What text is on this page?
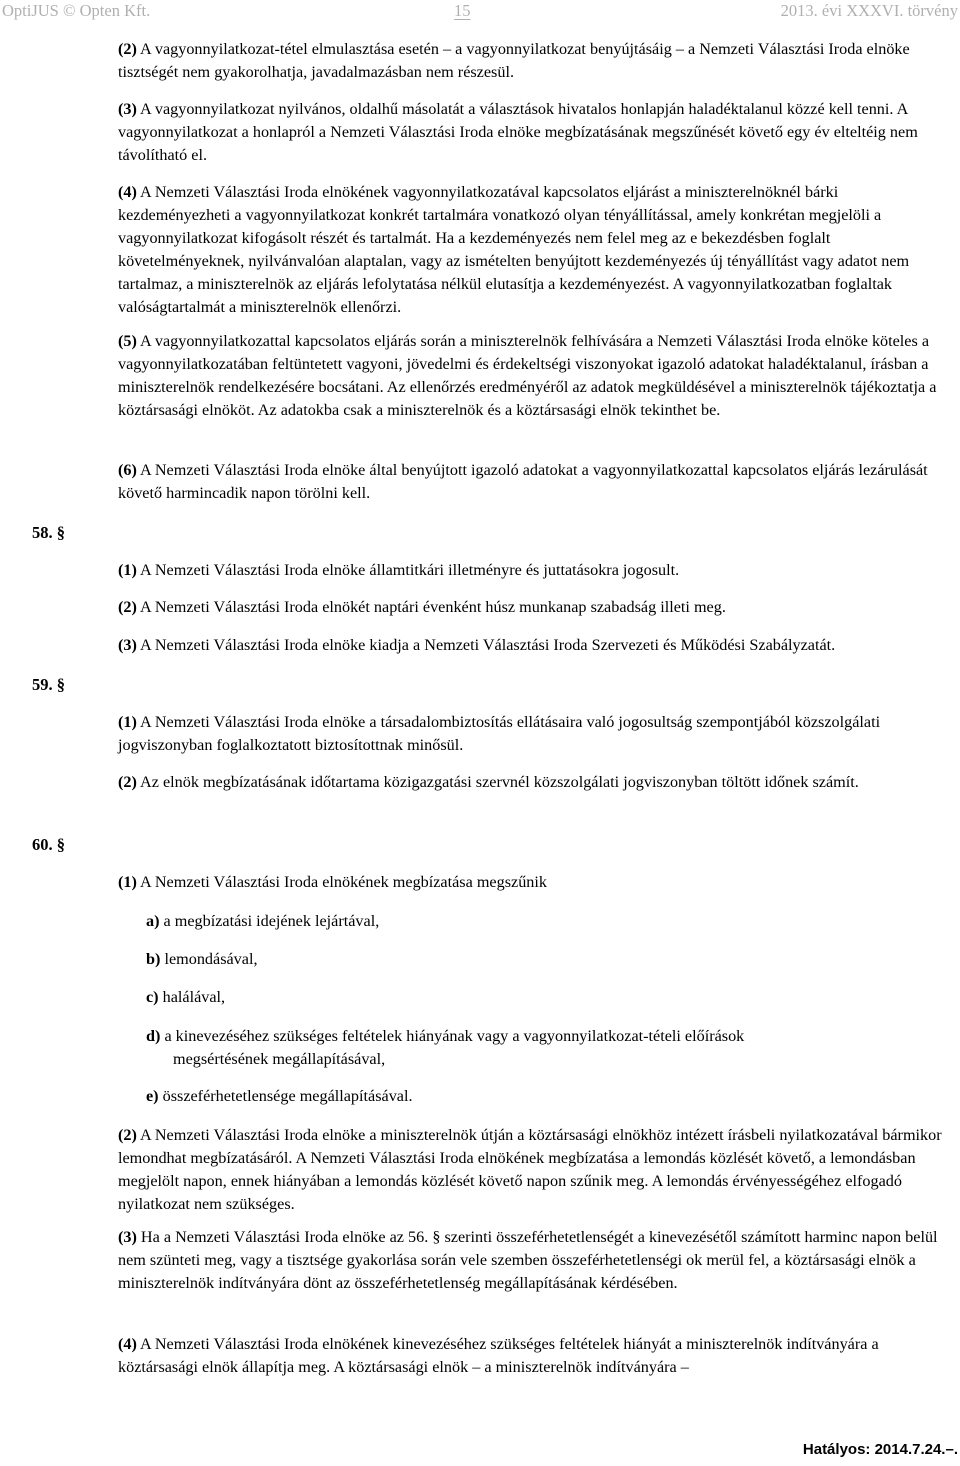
OptiJUS © Opten Kft.	15	2013. évi XXXVI. törvény

(2) A vagyonnyilatkozat-tétel elmulasztása esetén – a vagyonnyilatkozat benyújtásáig – a Nemzeti Választási Iroda elnöke tisztségét nem gyakorolhatja, javadalmazásban nem részesül.

(3) A vagyonnyilatkozat nyilvános, oldalhű másolatát a választások hivatalos honlapján haladéktalanul közzé kell tenni. A vagyonnyilatkozat a honlapról a Nemzeti Választási Iroda elnöke megbízatásának megszűnését követő egy év elteltéig nem távolítható el.

(4) A Nemzeti Választási Iroda elnökének vagyonnyilatkozatával kapcsolatos eljárást a miniszterelnöknél bárki kezdeményezheti a vagyonnyilatkozat konkrét tartalmára vonatkozó olyan tényállítással, amely konkrétan megjelöli a vagyonnyilatkozat kifogásolt részét és tartalmát. Ha a kezdeményezés nem felel meg az e bekezdésben foglalt követelményeknek, nyilvánvalóan alaptalan, vagy az ismételten benyújtott kezdeményezés új tényállítást vagy adatot nem tartalmaz, a miniszterelnök az eljárás lefolytatása nélkül elutasítja a kezdeményezést. A vagyonnyilatkozatban foglaltak valóságtartalmát a miniszterelnök ellenőrzi.

(5) A vagyonnyilatkozattal kapcsolatos eljárás során a miniszterelnök felhívására a Nemzeti Választási Iroda elnöke köteles a vagyonnyilatkozatában feltüntetett vagyoni, jövedelmi és érdekeltségi viszonyokat igazoló adatokat haladéktalanul, írásban a miniszterelnök rendelkezésére bocsátani. Az ellenőrzés eredményéről az adatok megküldésével a miniszterelnök tájékoztatja a köztársasági elnököt. Az adatokba csak a miniszterelnök és a köztársasági elnök tekinthet be.

(6) A Nemzeti Választási Iroda elnöke által benyújtott igazoló adatokat a vagyonnyilatkozattal kapcsolatos eljárás lezárulását követő harmincadik napon törölni kell.

58. §

(1) A Nemzeti Választási Iroda elnöke államtitkári illetményre és juttatásokra jogosult.

(2) A Nemzeti Választási Iroda elnökét naptári évenként húsz munkanap szabadság illeti meg.

(3) A Nemzeti Választási Iroda elnöke kiadja a Nemzeti Választási Iroda Szervezeti és Működési Szabályzatát.

59. §

(1) A Nemzeti Választási Iroda elnöke a társadalombiztosítás ellátásaira való jogosultság szempontjából közszolgálati jogviszonyban foglalkoztatott biztosítottnak minősül.

(2) Az elnök megbízatásának időtartama közigazgatási szervnél közszolgálati jogviszonyban töltött időnek számít.

60. §

(1) A Nemzeti Választási Iroda elnökének megbízatása megszűnik

a) a megbízatási idejének lejártával,

b) lemondásával,

c) halálával,

d) a kinevezéséhez szükséges feltételek hiányának vagy a vagyonnyilatkozat-tételi előírások
megsértésének megállapításával,

e) összeférhetetlensége megállapításával.

(2) A Nemzeti Választási Iroda elnöke a miniszterelnök útján a köztársasági elnökhöz intézett írásbeli nyilatkozatával bármikor lemondhat megbízatásáról. A Nemzeti Választási Iroda elnökének megbízatása a lemondás közlését követő, a lemondásban megjelölt napon, ennek hiányában a lemondás közlését követő napon szűnik meg. A lemondás érvényességéhez elfogadó nyilatkozat nem szükséges.

(3) Ha a Nemzeti Választási Iroda elnöke az 56. § szerinti összeférhetetlenségét a kinevezésétől számított harminc napon belül nem szünteti meg, vagy a tisztsége gyakorlása során vele szemben összeférhetetlenségi ok merül fel, a köztársasági elnök a miniszterelnök indítványára dönt az összeférhetetlenség megállapításának kérdésében.

(4) A Nemzeti Választási Iroda elnökének kinevezéséhez szükséges feltételek hiányát a miniszterelnök indítványára a köztársasági elnök állapítja meg. A köztársasági elnök – a miniszterelnök indítványára –

Hatályos: 2014.7.24.–.
